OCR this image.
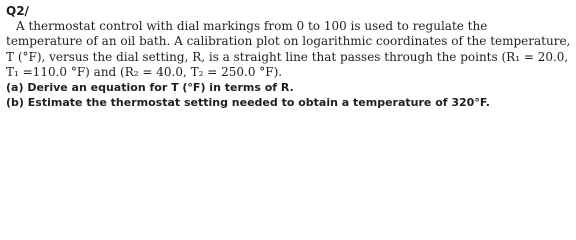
Q2/

A thermostat control with dial markings from 0 to 100 is used to regulate the

temperature of an oil bath. A calibration plot on logarithmic coordinates of the temperature,

T (°F), versus the dial setting, R, is a straight line that passes through the points (R₁ = 20.0,

T₁ =110.0 °F) and (R₂ = 40.0, T₂ = 250.0 °F).

(a) Derive an equation for T (°F) in terms of R.
(b) Estimate the thermostat setting needed to obtain a temperature of 320°F.
